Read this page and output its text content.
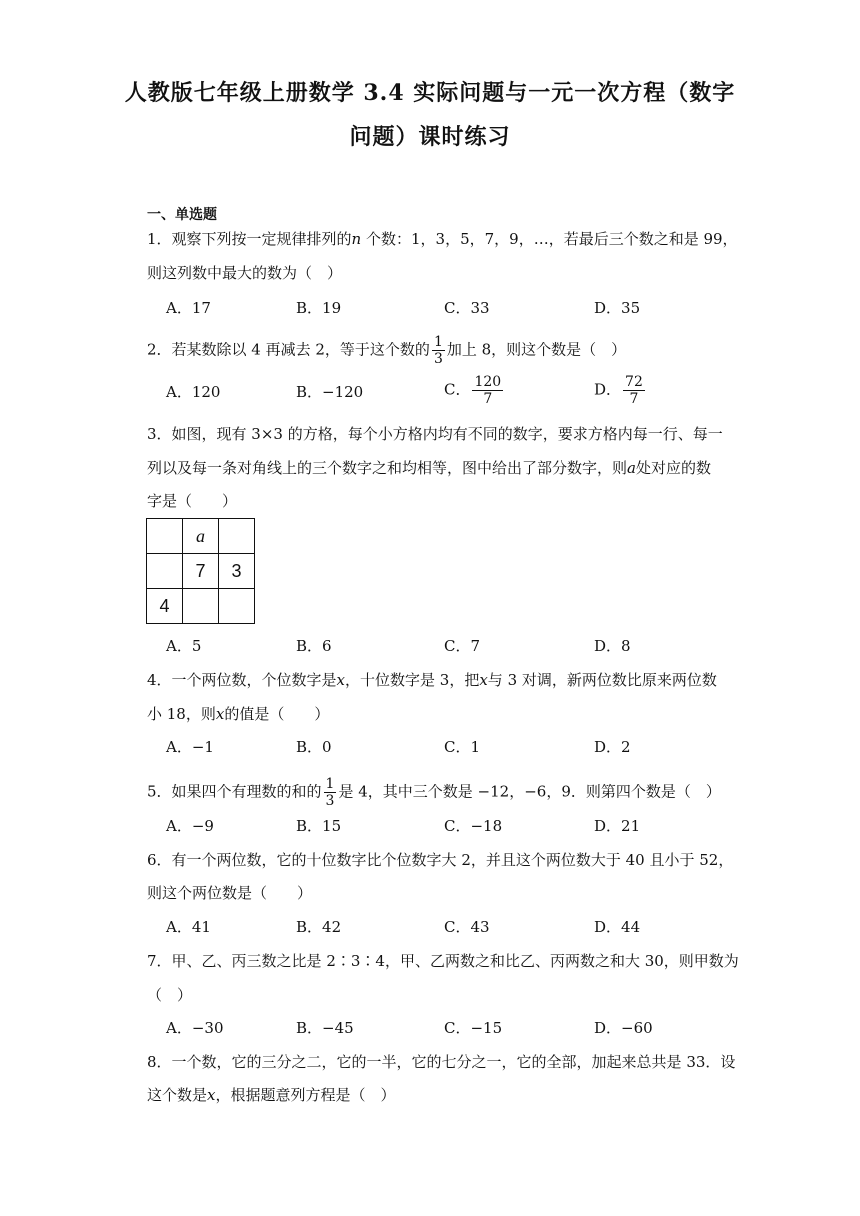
人教版七年级上册数学 3.4 实际问题与一元一次方程（数字
问题）课时练习
一、单选题
1．观察下列按一定规律排列的n 个数：1，3，5，7，9，…，若最后三个数之和是 99，
则这列数中最大的数为（　）
A．17	B．19	C．33	D．35
2．若某数除以 4 再减去 2，等于这个数的 $\frac{1}{3}$ 加上 8，则这个数是（　）
A．120	B．−120	C． $\frac{120}{7}$	D． $\frac{72}{7}$
3．如图，现有 3×3 的方格，每个小方格内均有不同的数字，要求方格内每一行、每一
列以及每一条对角线上的三个数字之和均相等，图中给出了部分数字，则a处对应的数
字是（　　）
	a	
	7	3
4		
A．5	B．6	C．7	D．8
4．一个两位数，个位数字是x，十位数字是 3，把x与 3 对调，新两位数比原来两位数
小 18，则x的值是（　　）
A．−1	B．0	C．1	D．2
5．如果四个有理数的和的 $\frac{1}{3}$ 是 4，其中三个数是 −12，−6，9．则第四个数是（　）
A．−9	B．15	C．−18	D．21
6．有一个两位数，它的十位数字比个位数字大 2，并且这个两位数大于 40 且小于 52，
则这个两位数是（　　）
A．41	B．42	C．43	D．44
7．甲、乙、丙三数之比是 2∶3∶4，甲、乙两数之和比乙、丙两数之和大 30，则甲数为
（　）
A．−30	B．−45	C．−15	D．−60
8．一个数，它的三分之二，它的一半，它的七分之一，它的全部，加起来总共是 33．设
这个数是x，根据题意列方程是（　）
